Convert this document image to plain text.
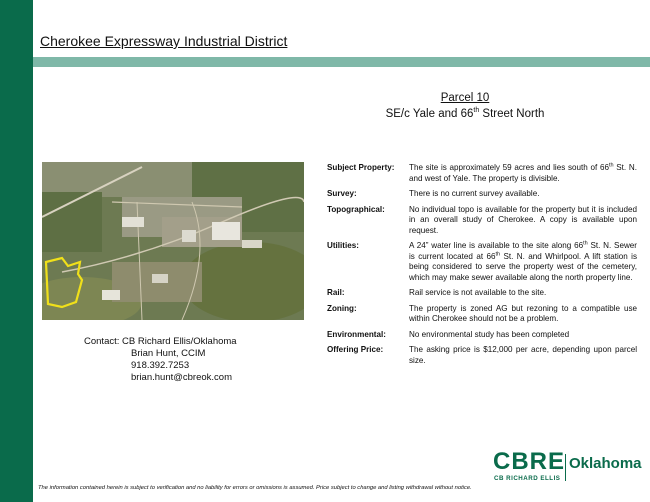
Cherokee Expressway Industrial District
Parcel 10
SE/c Yale and 66th Street North
Contact: CB Richard Ellis/Oklahoma
Brian Hunt, CCIM
918.392.7253
brian.hunt@cbreok.com
Subject Property:	The site is approximately 59 acres and lies south of 66th St. N. and west of Yale. The property is divisible.
Survey:	There is no current survey available.
Topographical:	No individual topo is available for the property but it is included in an overall study of Cherokee. A copy is available upon request.
Utilities:	A 24” water line is available to the site along 66th St. N. Sewer is current located at 66th St. N. and Whirlpool. A lift station is being considered to serve the property west of the cemetery, which may make sewer available along the north property line.
Rail:	Rail service is not available to the site.
Zoning:	The property is zoned AG but rezoning to a compatible use within Cherokee should not be a problem.
Environmental:	No environmental study has been completed
Offering Price:	The asking price is $12,000 per acre, depending upon parcel size.
CBRE
CB RICHARD ELLIS
Oklahoma
The information contained herein is subject to verification and no liability for errors or omissions is assumed. Price subject to change and listing withdrawal without notice.
